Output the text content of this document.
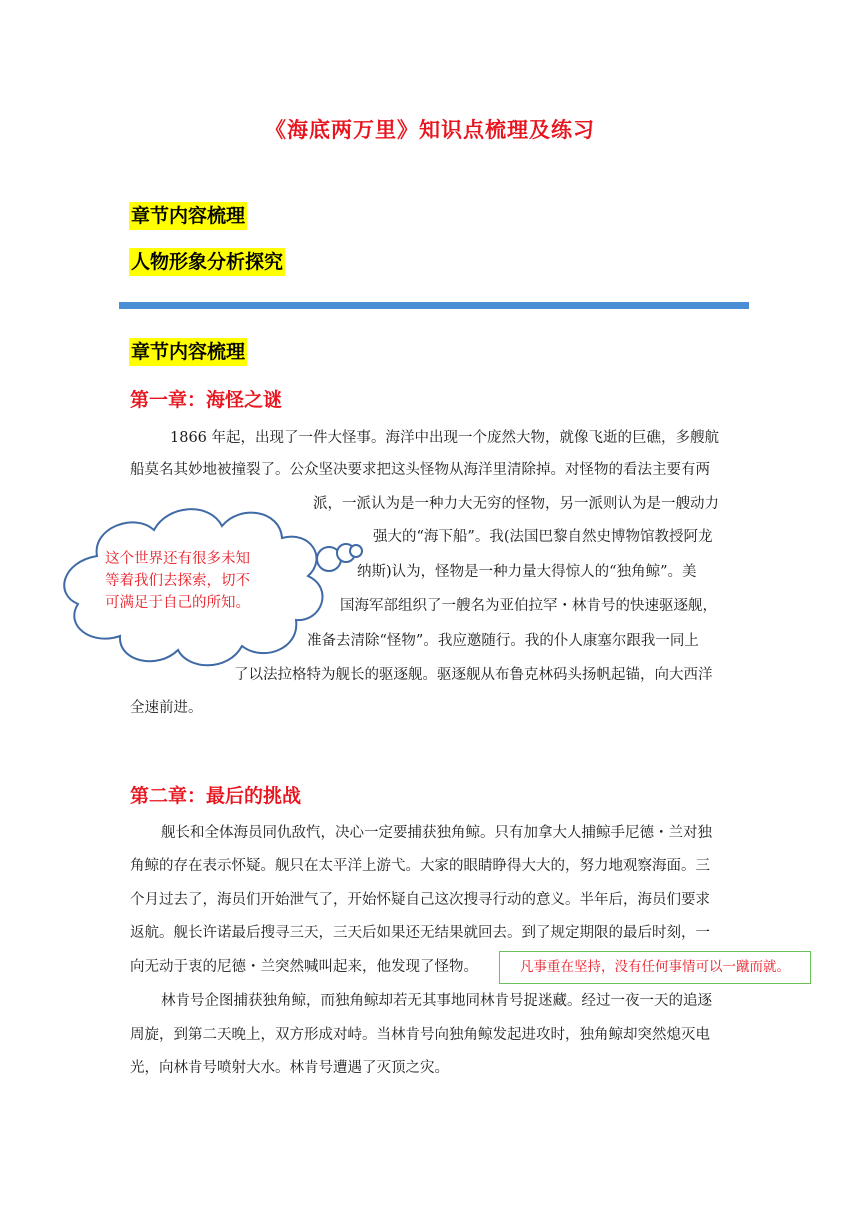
《海底两万里》知识点梳理及练习
章节内容梳理
人物形象分析探究
章节内容梳理
第一章：海怪之谜
1866 年起，出现了一件大怪事。海洋中出现一个庞然大物，就像飞逝的巨礁，多艘航
船莫名其妙地被撞裂了。公众坚决要求把这头怪物从海洋里清除掉。对怪物的看法主要有两
派，一派认为是一种力大无穷的怪物，另一派则认为是一艘动力
强大的“海下船”。我(法国巴黎自然史博物馆教授阿龙
纳斯)认为，怪物是一种力量大得惊人的“独角鲸”。美
国海军部组织了一艘名为亚伯拉罕・林肯号的快速驱逐舰，
准备去清除“怪物”。我应邀随行。我的仆人康塞尔跟我一同上
了以法拉格特为舰长的驱逐舰。驱逐舰从布鲁克林码头扬帆起锚，向大西洋
全速前进。
这个世界还有很多未知
等着我们去探索，切不
可满足于自己的所知。
第二章：最后的挑战
舰长和全体海员同仇敌忾，决心一定要捕获独角鲸。只有加拿大人捕鲸手尼德・兰对独
角鲸的存在表示怀疑。舰只在太平洋上游弋。大家的眼睛睁得大大的，努力地观察海面。三
个月过去了，海员们开始泄气了，开始怀疑自己这次搜寻行动的意义。半年后，海员们要求
返航。舰长许诺最后搜寻三天，三天后如果还无结果就回去。到了规定期限的最后时刻，一
向无动于衷的尼德・兰突然喊叫起来，他发现了怪物。
林肯号企图捕获独角鲸，而独角鲸却若无其事地同林肯号捉迷藏。经过一夜一天的追逐
周旋，到第二天晚上，双方形成对峙。当林肯号向独角鲸发起进攻时，独角鲸却突然熄灭电
光，向林肯号喷射大水。林肯号遭遇了灭顶之灾。
凡事重在坚持，没有任何事情可以一蹴而就。
